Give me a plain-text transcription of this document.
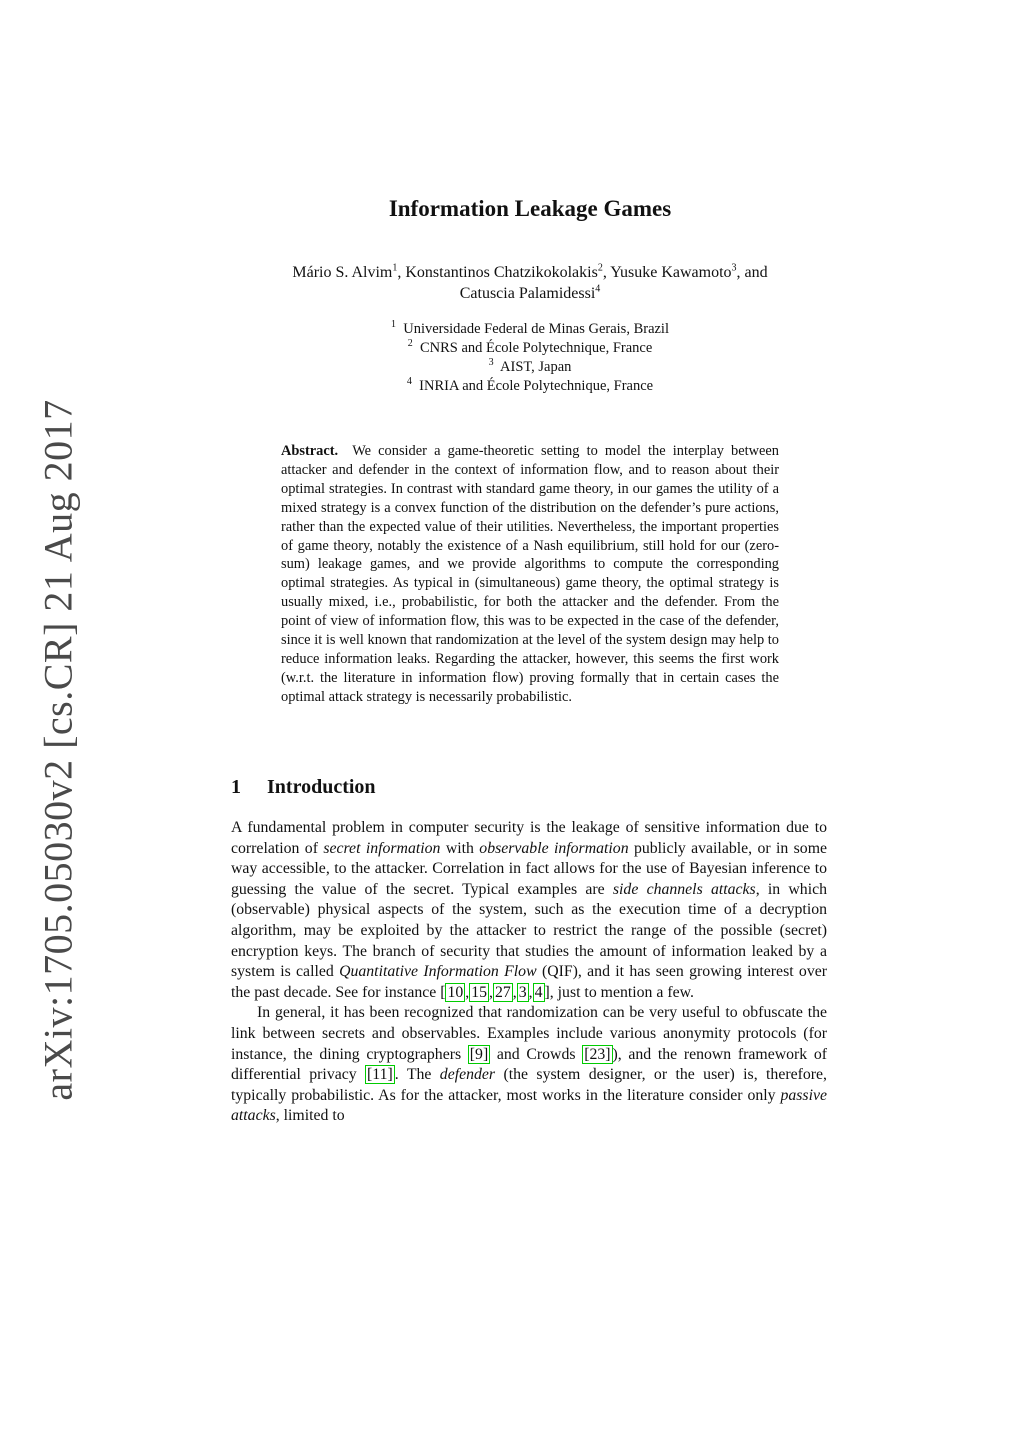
arXiv:1705.05030v2 [cs.CR] 21 Aug 2017
Information Leakage Games
Mário S. Alvim$^1$, Konstantinos Chatzikokolakis$^2$, Yusuke Kawamoto$^3$, and
Catuscia Palamidessi$^4$
$^1$ Universidade Federal de Minas Gerais, Brazil
$^2$ CNRS and École Polytechnique, France
$^3$ AIST, Japan
$^4$ INRIA and École Polytechnique, France
Abstract. We consider a game-theoretic setting to model the interplay between attacker and defender in the context of information flow, and to reason about their optimal strategies. In contrast with standard game theory, in our games the utility of a mixed strategy is a convex function of the distribution on the defender’s pure actions, rather than the expected value of their utilities. Nevertheless, the important properties of game theory, notably the existence of a Nash equilibrium, still hold for our (zero-sum) leakage games, and we provide algorithms to compute the corresponding optimal strategies. As typical in (simultaneous) game theory, the optimal strategy is usually mixed, i.e., probabilistic, for both the attacker and the defender. From the point of view of information flow, this was to be expected in the case of the defender, since it is well known that randomization at the level of the system design may help to reduce information leaks. Regarding the attacker, however, this seems the first work (w.r.t. the literature in information flow) proving formally that in certain cases the optimal attack strategy is necessarily probabilistic.
1 Introduction

A fundamental problem in computer security is the leakage of sensitive information due to correlation of secret information with observable information publicly available, or in some way accessible, to the attacker. Correlation in fact allows for the use of Bayesian inference to guessing the value of the secret. Typical examples are side channels attacks, in which (observable) physical aspects of the system, such as the execution time of a decryption algorithm, may be exploited by the attacker to restrict the range of the possible (secret) encryption keys. The branch of security that studies the amount of information leaked by a system is called Quantitative Information Flow (QIF), and it has seen growing interest over the past decade. See for instance [ 10 , 15 , 27 , 3 , 4 ], just to mention a few.

In general, it has been recognized that randomization can be very useful to obfuscate the link between secrets and observables. Examples include various anonymity protocols (for instance, the dining cryptographers [9] and Crowds [23] ), and the renown framework of differential privacy [11] . The defender (the system designer, or the user) is, therefore, typically probabilistic. As for the attacker, most works in the literature consider only passive attacks, limited to
